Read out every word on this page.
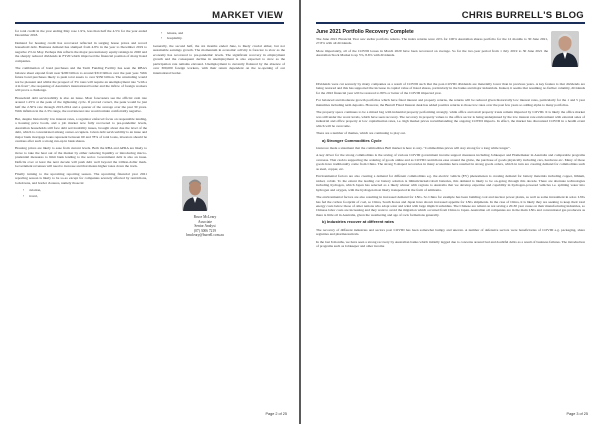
MARKET VIEW

for total credit in the year ending May rose 1.9%, less than half the 4.5% for the year ended December 2018.

Demand for housing credit has recovered reflected in surging house prices and record household debt. Business demand has slumped from 4.8% in the year to December 2019 to negative 2% in May. Perhaps this reflects the major precautionary equity raisings in 2020 and the sharply reduced dividends in FY20 which improved the financial position of many listed companies.

The combination of bond purchases and the Term Funding Facility has seen the RBA's balance sheet expand from near $200 billion to around $310 billion over the past year. With future bond purchases likely to push total assets to over $350 billion. The unwinding would not be pleasant and whilst the prospect of 3% rates will require an unemployment rate "with a 4 in front", the reopening of Australia's international border and the inflow of foreign workers will prove a challenge.

Household debt serviceability is also an issue. Most forecasters see the official cash rate around 1.25% at the peak of the tightening cycle. If proved correct, the peak would be just half the 2.50% rate through 2013-2014 and a quarter of the average over the past 30 years. With inflation in the 2-3% range, the real interest rate would remain comfortably negative.

But, despite historically low interest rates, a regulator enforced focus on responsible lending, a housing price boom, and a job market now fully recovered to pre-pandemic levels, Australian households still face debt serviceability issues, brought about due the level of the debt, which is concentrated among owner-occupiers. Given debt serviceability is an issue and major bank mortgage loans represent between 60 and 78% of total loans, investors should be cautious after such a strong run-up in bank shares.

Housing prices are likely to ease from current levels. Both the RBA and APRA are likely to move to take the heat out of the market by either reducing liquidity or introducing macro-prudential measures to limit bank lending to the sector. Government debt is also an issue. Deficits over at least the next decade will push debt well beyond the trillion-dollar mark. Government revenues will need to increase and that means higher taxes down the track.

Finally turning to the upcoming reporting season. The upcoming financial year 2021 reporting season is likely to be so-so except for companies severely affected by restrictions, lockdowns, and border closures, namely those in:

• aviation,
• travel,
• leisure, and
• hospitality.

Generally, the second half, the six months ended June, is likely crucial either, but not sustainable earnings growth. The momentum in economic activity is forecast to slow as the economy has recovered to pre-pandemic levels. The significant recovery in employment growth and the consequent decline in unemployment is also expected to slow as the participation rate remains elevated. Unemployment is currently flattered by the absence of over 300,000 foreign workers, with their return dependent on the re-opening of our international border.

Bruce McLeary
Associate
Senior Analyst
(07) 3006 7219
bmcleary@burrell.com.au
Page 2 of 25
CHRIS BURRELL'S BLOG
June 2021 Portfolio Recovery Complete

The June 2021 Financial Year saw stellar portfolio returns. The index returns were 24% for 100% Australian shares portfolio for the 12 months to 30 June 2021, 27.8% with all dividends.

More importantly, all of the COVID losses in March 2020 have been recovered on average. So far the two-year period from 1 July 2019 to 30 June 2021 the Australian Stock Market is up 5%, 8.6% with dividends.

Dividends were cut severely by many companies as a result of COVID such that the post-COVID dividends are materially lower than in previous years. A key feature is that dividends are being restored and this has supported the increase in capital value of listed shares, particularly in the banks and major industrials. Indeed, it seems that resuming no further calamity, dividends for the 2022 financial year will be restored to 80% or better of the COVID impacted year.

For balanced and moderate growth portfolios which have fixed interest and property returns, the returns will be reduced given historically low interest rates, particularly for the 1 and 5 year maturities including term deposits. However, the Burrell Fixed Interest desk has added positive returns to those low rates over the past few years so adding alpha to many portfolios.

The property space continues to be a mixed bag with industrial property performing strongly, while office and retail property trusts remain impacted by COVID. It is likely the office market was still under the worst levels, which have seen recovery. The recovery in property values to the office sector is being underpinned by the low interest rate environment with external sales of industrial and office property at low capitalisation rates, i.e. high market prices notwithstanding the ongoing COVID impacts. In effect, the market has discounted COVID in a health event which will be overcome.

There are a number of themes, which are continuing to play out.

a) Stronger Commodities Cycle

Glencore made a statement that the commodities Bull market is here to stay. "Commodities prices will stay strong for a long while longer".

A key driver for the strong commodities is the saving of various COVID government income support measures including Jobkeeper and Homemaker in Australia and comparable programs overseas. That cash is supporting the ordering of goods online and as COVID restrictions ease around the globe, the purchase of goods physically including cars, hardware etc. Many of those goods have traditionally come from China. The strong V-shaped recoveries in many economies have resulted in strong goods orders, which in turn are creating demand for commodities such as steel, copper, etc.

Environmental factors are also creating a demand for different commodities e.g. the electric vehicle (EV) phenomenon is creating demand for battery materials including copper, lithium, nickel, cobalt. To the extent the leading car battery solution is lithium/nickel/cobalt batteries, this demand is likely to be on-going through this decade. There are alternate technologies including hydrogen, which Japan has selected as a likely winner with regions to Australia that we develop expertise and capability in hydrogen-powered vehicles i.e. splitting water into hydrogen and oxygen, with the hydrogen most likely transported in the form of ammonia.

The environmental factors are also resulting in increased demand for LNG. So China for example has been building coal and nuclear power plants, as well as some investment in solar. LNG has fed the carbon footprint of coal, so China, South Korea and Japan have shown increased appetite for LNG shipments. In the case of China, it is likely they are seeking to keep their total energy costs below those of other nations who adopt solar and wind with large implicit subsidies. The Chinese are reliant on not saving a 20-30 year cause on their manufacturing industries, so Chinese labor costs are increasing and they want to avoid the migration which occurred from China to Japan. Australian oil companies are in the main LNG and conventional gas producers as there is little oil in Australia, given the weathering and age of rock formations generally.

b) Industries recover at different rates

The recovery of different industries and sectors post COVID has been somewhat bumpy and uneven. A number of defensive sectors were beneficiaries of COVID e.g. packaging, share registries and pharmaceuticals.

In the last 6 months, we have seen a strong recovery by Australian banks which initially lagged due to concerns around bad and doubtful debts as a result of business failures. The introduction of programs such as Jobkeeper and other income

Page 3 of 25
